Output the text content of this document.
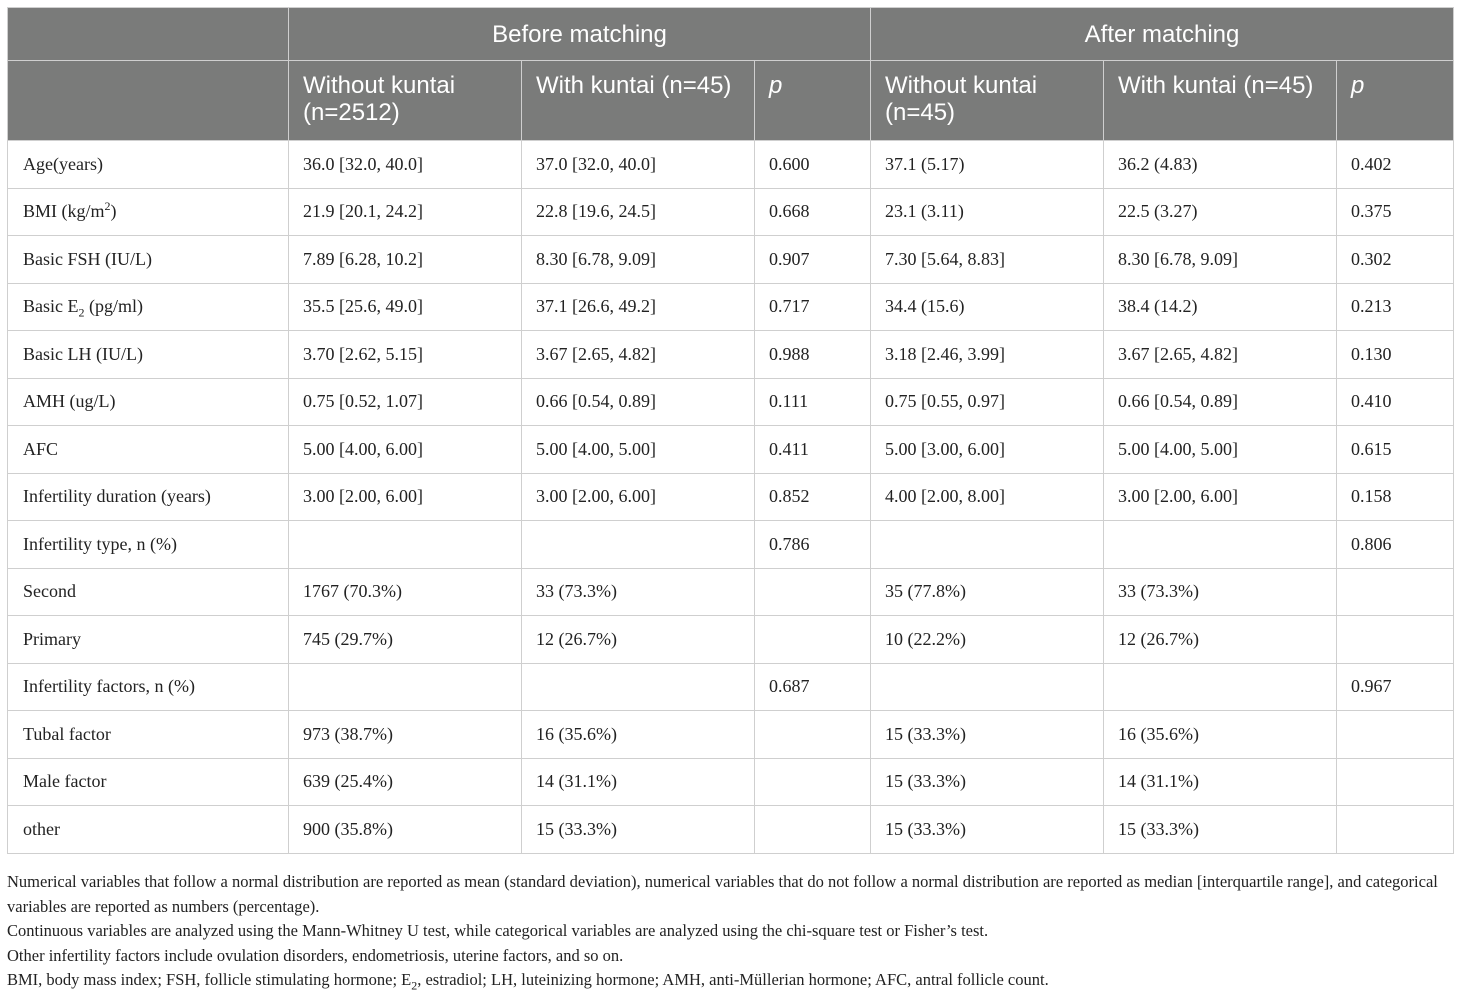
	Before matching			After matching		
	Without kuntai (n=2512)	With kuntai (n=45)	p	Without kuntai (n=45)	With kuntai (n=45)	p
Age(years)	36.0 [32.0, 40.0]	37.0 [32.0, 40.0]	0.600	37.1 (5.17)	36.2 (4.83)	0.402
BMI $(kg/m^2)$	21.9 [20.1, 24.2]	22.8 [19.6, 24.5]	0.668	23.1 (3.11)	22.5 (3.27)	0.375
Basic FSH (IU/L)	7.89 [6.28, 10.2]	8.30 [6.78, 9.09]	0.907	7.30 [5.64, 8.83]	8.30 [6.78, 9.09]	0.302
Basic $E_2$ (pg/ml)	35.5 [25.6, 49.0]	37.1 [26.6, 49.2]	0.717	34.4 (15.6)	38.4 (14.2)	0.213
Basic LH (IU/L)	3.70 [2.62, 5.15]	3.67 [2.65, 4.82]	0.988	3.18 [2.46, 3.99]	3.67 [2.65, 4.82]	0.130
AMH (ug/L)	0.75 [0.52, 1.07]	0.66 [0.54, 0.89]	0.111	0.75 [0.55, 0.97]	0.66 [0.54, 0.89]	0.410
AFC	5.00 [4.00, 6.00]	5.00 [4.00, 5.00]	0.411	5.00 [3.00, 6.00]	5.00 [4.00, 5.00]	0.615
Infertility duration (years)	3.00 [2.00, 6.00]	3.00 [2.00, 6.00]	0.852	4.00 [2.00, 8.00]	3.00 [2.00, 6.00]	0.158
Infertility type, n (%)			0.786			0.806
Second	1767 (70.3%)	33 (73.3%)		35 (77.8%)	33 (73.3%)	
Primary	745 (29.7%)	12 (26.7%)		10 (22.2%)	12 (26.7%)	
Infertility factors, n (%)			0.687			0.967
Tubal factor	973 (38.7%)	16 (35.6%)		15 (33.3%)	16 (35.6%)	
Male factor	639 (25.4%)	14 (31.1%)		15 (33.3%)	14 (31.1%)	
other	900 (35.8%)	15 (33.3%)		15 (33.3%)	15 (33.3%)	

Numerical variables that follow a normal distribution are reported as mean (standard deviation), numerical variables that do not follow a normal distribution are reported as median [interquartile range], and categorical variables are reported as numbers (percentage).

Continuous variables are analyzed using the Mann-Whitney U test, while categorical variables are analyzed using the chi-square test or Fisher’s test.

Other infertility factors include ovulation disorders, endometriosis, uterine factors, and so on.

BMI, body mass index; FSH, follicle stimulating hormone; $E_2$, estradiol; LH, luteinizing hormone; AMH, anti-Müllerian hormone; AFC, antral follicle count.
